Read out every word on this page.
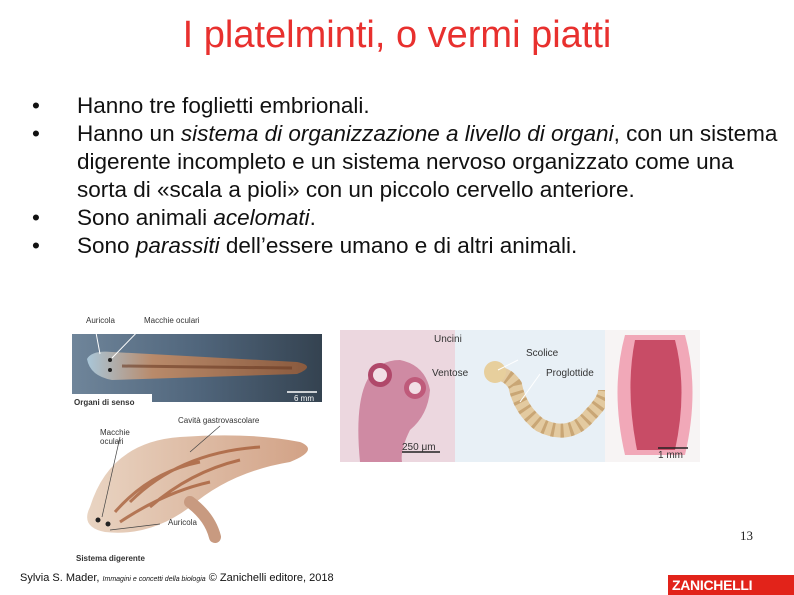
I platelminti, o vermi piatti
•	Hanno tre foglietti embrionali.
•	Hanno un sistema di organizzazione a livello di organi, con un sistema digerente incompleto e un sistema nervoso organizzato come una sorta di «scala a pioli» con un piccolo cervello anteriore.
•	Sono animali acelomati.
•	Sono parassiti dell’essere umano e di altri animali.
Auricola	Macchie oculari
Organi di senso	6 mm
Cavità gastrovascolare
Macchie
oculari
Auricola
Sistema digerente
Uncini
Ventose
Scolice
Proglottide
250 μm
1 mm
13
Sylvia S. Mader, Immagini e concetti della biologia © Zanichelli editore, 2018	ZANICHELLI
